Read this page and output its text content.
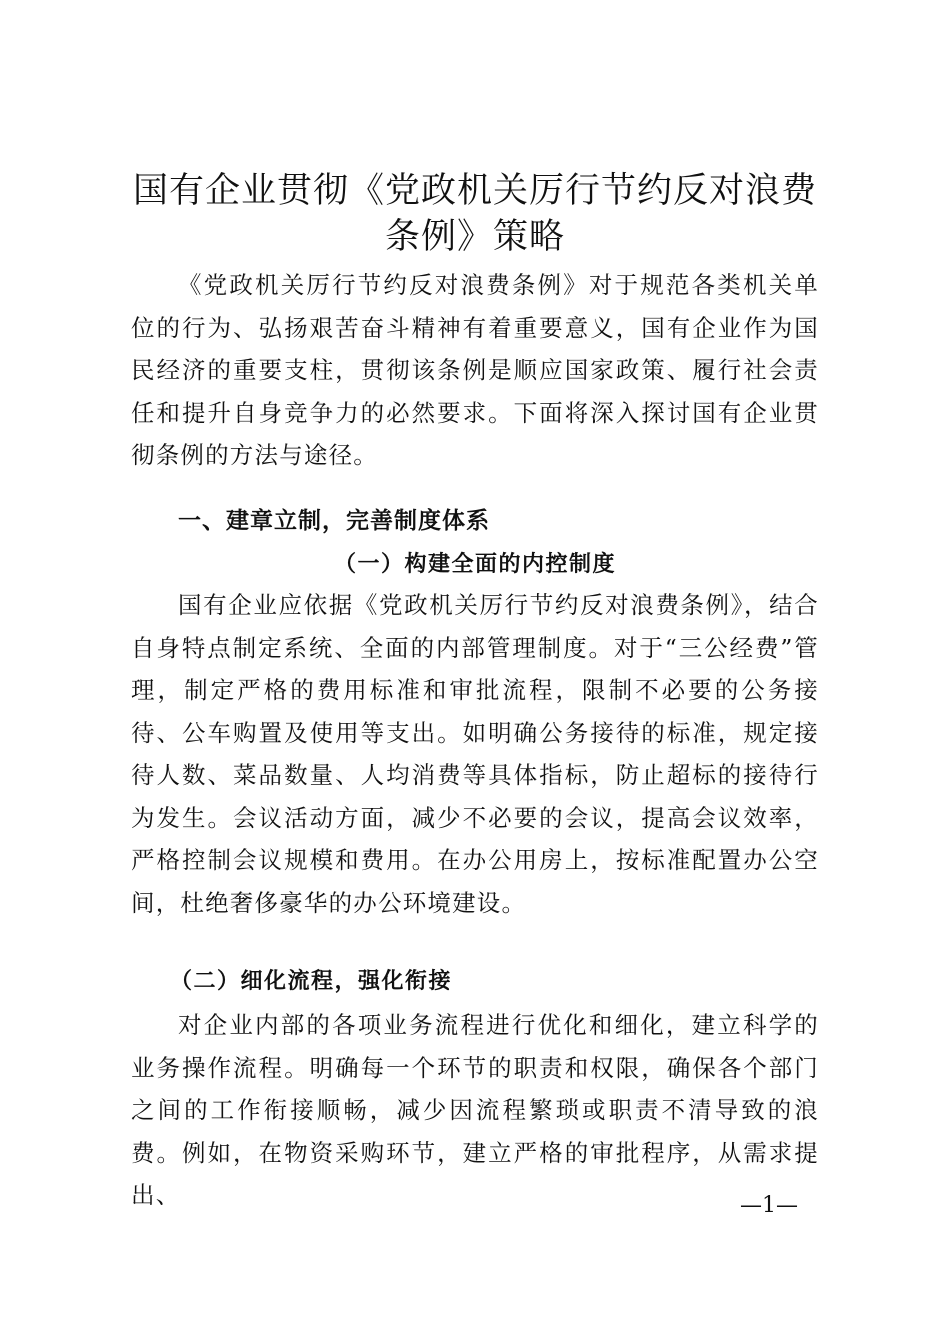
国有企业贯彻《党政机关厉行节约反对浪费条例》策略

《党政机关厉行节约反对浪费条例》对于规范各类机关单位的行为、弘扬艰苦奋斗精神有着重要意义，国有企业作为国民经济的重要支柱，贯彻该条例是顺应国家政策、履行社会责任和提升自身竞争力的必然要求。下面将深入探讨国有企业贯彻条例的方法与途径。

一、建章立制，完善制度体系
（一）构建全面的内控制度

国有企业应依据《党政机关厉行节约反对浪费条例》，结合自身特点制定系统、全面的内部管理制度。对于“三公经费”管理，制定严格的费用标准和审批流程，限制不必要的公务接待、公车购置及使用等支出。如明确公务接待的标准，规定接待人数、菜品数量、人均消费等具体指标，防止超标的接待行为发生。会议活动方面，减少不必要的会议，提高会议效率，严格控制会议规模和费用。在办公用房上，按标准配置办公空间，杜绝奢侈豪华的办公环境建设。

（二）细化流程，强化衔接

对企业内部的各项业务流程进行优化和细化，建立科学的业务操作流程。明确每一个环节的职责和权限，确保各个部门之间的工作衔接顺畅，减少因流程繁琐或职责不清导致的浪费。例如，在物资采购环节，建立严格的审批程序，从需求提出、	—1—
